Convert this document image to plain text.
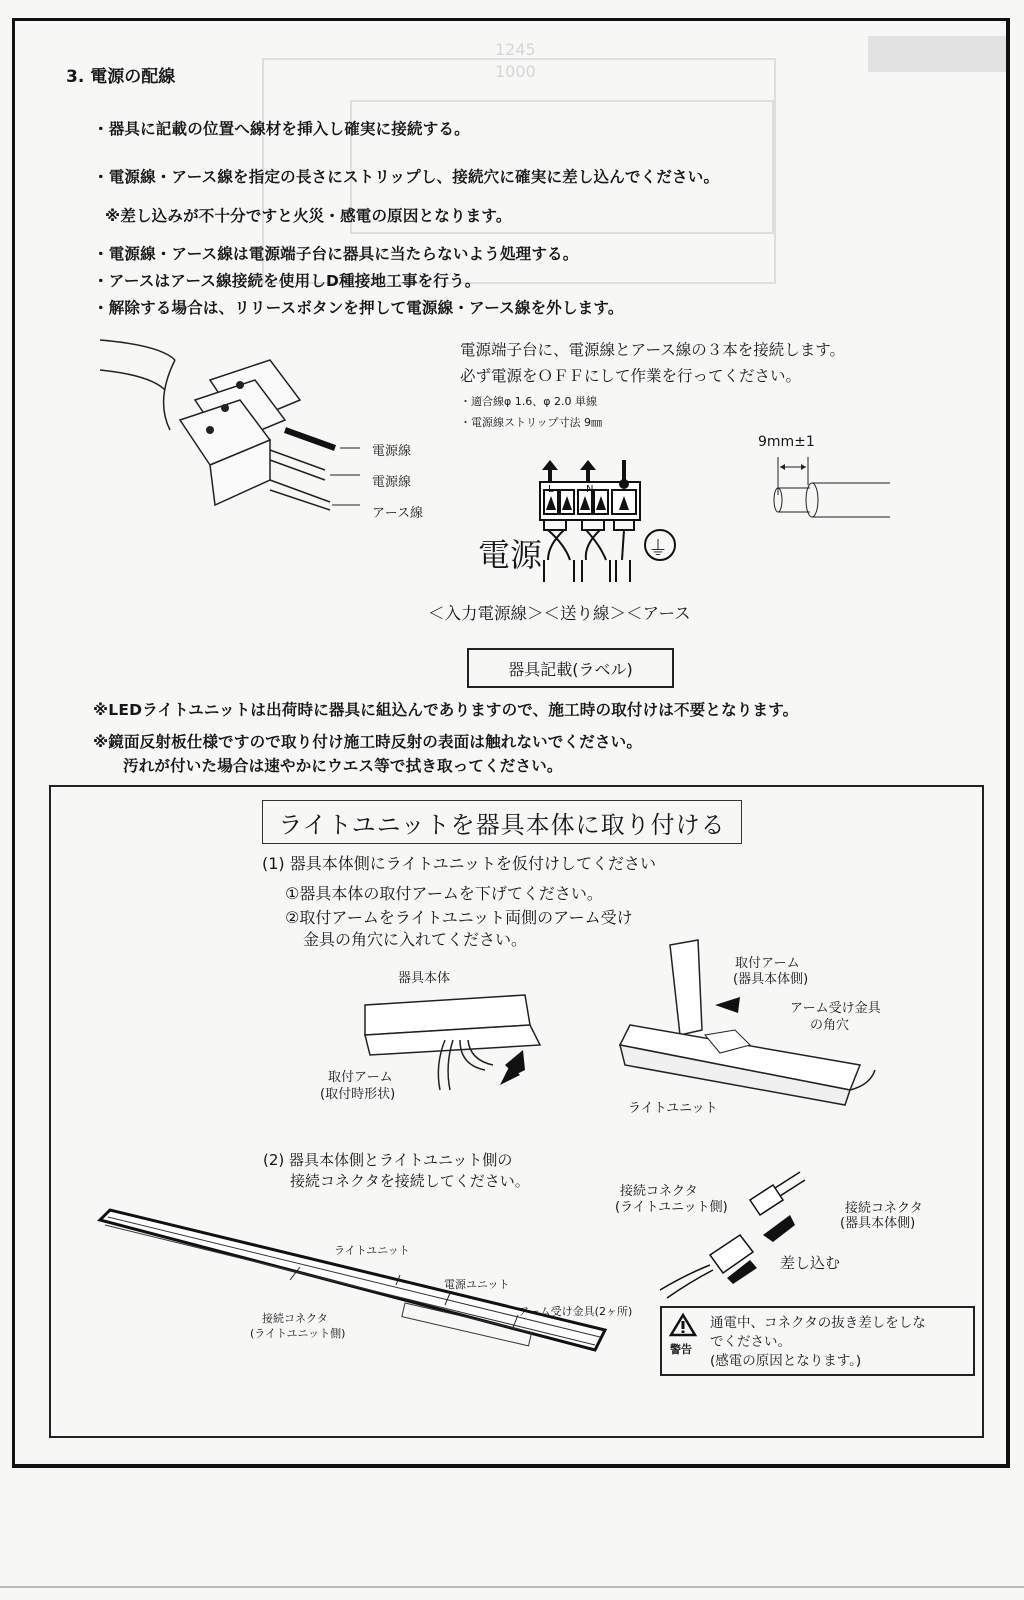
1245
1000
3. 電源の配線
・器具に記載の位置へ線材を挿入し確実に接続する。
・電源線・アース線を指定の長さにストリップし、接続穴に確実に差し込んでください。
※差し込みが不十分ですと火災・感電の原因となります。
・電源線・アース線は電源端子台に器具に当たらないよう処理する。
・アースはアース線接続を使用しD種接地工事を行う。
・解除する場合は、リリースボタンを押して電源線・アース線を外します。
電源線
電源線
アース線
電源端子台に、電源線とアース線の３本を接続します。
必ず電源をＯＦＦにして作業を行ってください。
・適合線φ 1.6、φ 2.0 単線
・電源線ストリップ寸法 9㎜
9mm±1
L	N
電源	⏚
＜入力電源線＞＜送り線＞＜アース
器具記載(ラベル)
※LEDライトユニットは出荷時に器具に組込んでありますので、施工時の取付けは不要となります。
※鏡面反射板仕様ですので取り付け施工時反射の表面は触れないでください。
汚れが付いた場合は速やかにウエス等で拭き取ってください。
ライトユニットを器具本体に取り付ける
(1) 器具本体側にライトユニットを仮付けしてください
①器具本体の取付アームを下げてください。
②取付アームをライトユニット両側のアーム受け
金具の角穴に入れてください。
器具本体
取付アーム
(取付時形状)
取付アーム
(器具本体側)
アーム受け金具
の角穴
ライトユニット
(2) 器具本体側とライトユニット側の
接続コネクタを接続してください。
ライトユニット
電源ユニット
接続コネクタ
(ライトユニット側)
アーム受け金具(2ヶ所)
接続コネクタ
(ライトユニット側)	接続コネクタ
(器具本体側)
差し込む
警告
通電中、コネクタの抜き差しをしな
でください。
(感電の原因となります。)
